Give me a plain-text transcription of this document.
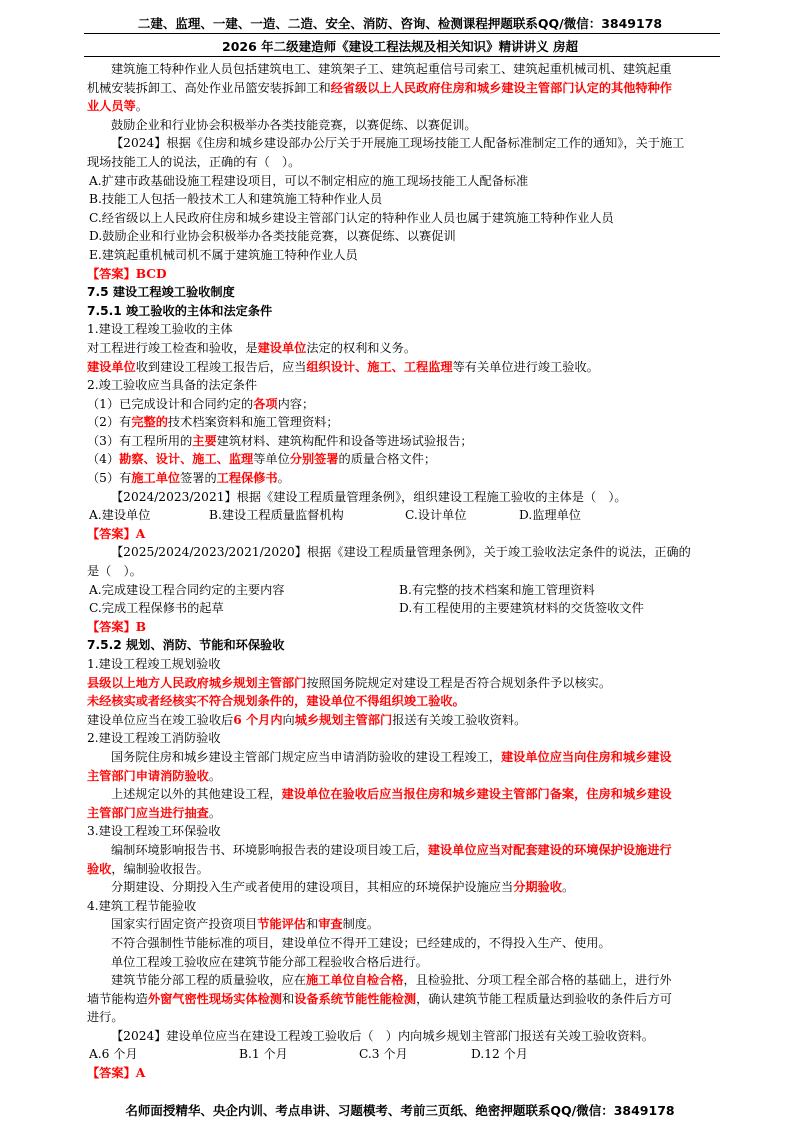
二建、监理、一建、一造、二造、安全、消防、咨询、检测课程押题联系QQ/微信：3849178
2026 年二级建造师《建设工程法规及相关知识》精讲讲义 房超
建筑施工特种作业人员包括建筑电工、建筑架子工、建筑起重信号司索工、建筑起重机械司机、建筑起重
机械安装拆卸工、高处作业吊篮安装拆卸工和经省级以上人民政府住房和城乡建设主管部门认定的其他特种作
业人员等。
鼓励企业和行业协会积极举办各类技能竞赛，以赛促练、以赛促训。
【2024】根据《住房和城乡建设部办公厅关于开展施工现场技能工人配备标准制定工作的通知》，关于施工
现场技能工人的说法，正确的有（　）。
A.扩建市政基础设施工程建设项目，可以不制定相应的施工现场技能工人配备标准
B.技能工人包括一般技术工人和建筑施工特种作业人员
C.经省级以上人民政府住房和城乡建设主管部门认定的特种作业人员也属于建筑施工特种作业人员
D.鼓励企业和行业协会积极举办各类技能竞赛，以赛促练、以赛促训
E.建筑起重机械司机不属于建筑施工特种作业人员
【答案】BCD
7.5 建设工程竣工验收制度
7.5.1 竣工验收的主体和法定条件
1.建设工程竣工验收的主体
对工程进行竣工检查和验收，是建设单位法定的权利和义务。
建设单位收到建设工程竣工报告后，应当组织设计、施工、工程监理等有关单位进行竣工验收。
2.竣工验收应当具备的法定条件
（1）已完成设计和合同约定的各项内容；
（2）有完整的技术档案资料和施工管理资料；
（3）有工程所用的主要建筑材料、建筑构配件和设备等进场试验报告；
（4）勘察、设计、施工、监理等单位分别签署的质量合格文件；
（5）有施工单位签署的工程保修书。
【2024/2023/2021】根据《建设工程质量管理条例》，组织建设工程施工验收的主体是（　）。
A.建设单位	B.建设工程质量监督机构	C.设计单位	D.监理单位
【答案】A
【2025/2024/2023/2021/2020】根据《建设工程质量管理条例》，关于竣工验收法定条件的说法，正确的
是（　）。
A.完成建设工程合同约定的主要内容	B.有完整的技术档案和施工管理资料
C.完成工程保修书的起草	D.有工程使用的主要建筑材料的交货签收文件
【答案】B
7.5.2 规划、消防、节能和环保验收
1.建设工程竣工规划验收
县级以上地方人民政府城乡规划主管部门按照国务院规定对建设工程是否符合规划条件予以核实。
未经核实或者经核实不符合规划条件的，建设单位不得组织竣工验收。
建设单位应当在竣工验收后6 个月内向城乡规划主管部门报送有关竣工验收资料。
2.建设工程竣工消防验收
国务院住房和城乡建设主管部门规定应当申请消防验收的建设工程竣工，建设单位应当向住房和城乡建设
主管部门申请消防验收。
上述规定以外的其他建设工程，建设单位在验收后应当报住房和城乡建设主管部门备案，住房和城乡建设
主管部门应当进行抽查。
3.建设工程竣工环保验收
编制环境影响报告书、环境影响报告表的建设项目竣工后，建设单位应当对配套建设的环境保护设施进行
验收，编制验收报告。
分期建设、分期投入生产或者使用的建设项目，其相应的环境保护设施应当分期验收。
4.建筑工程节能验收
国家实行固定资产投资项目节能评估和审查制度。
不符合强制性节能标准的项目，建设单位不得开工建设；已经建成的，不得投入生产、使用。
单位工程竣工验收应在建筑节能分部工程验收合格后进行。
建筑节能分部工程的质量验收，应在施工单位自检合格，且检验批、分项工程全部合格的基础上，进行外
墙节能构造外窗气密性现场实体检测和设备系统节能性能检测，确认建筑节能工程质量达到验收的条件后方可
进行。
【2024】建设单位应当在建设工程竣工验收后（　）内向城乡规划主管部门报送有关竣工验收资料。
A.6 个月	B.1 个月	C.3 个月	D.12 个月
【答案】A
名师面授精华、央企内训、考点串讲、习题模考、考前三页纸、绝密押题联系QQ/微信：3849178
